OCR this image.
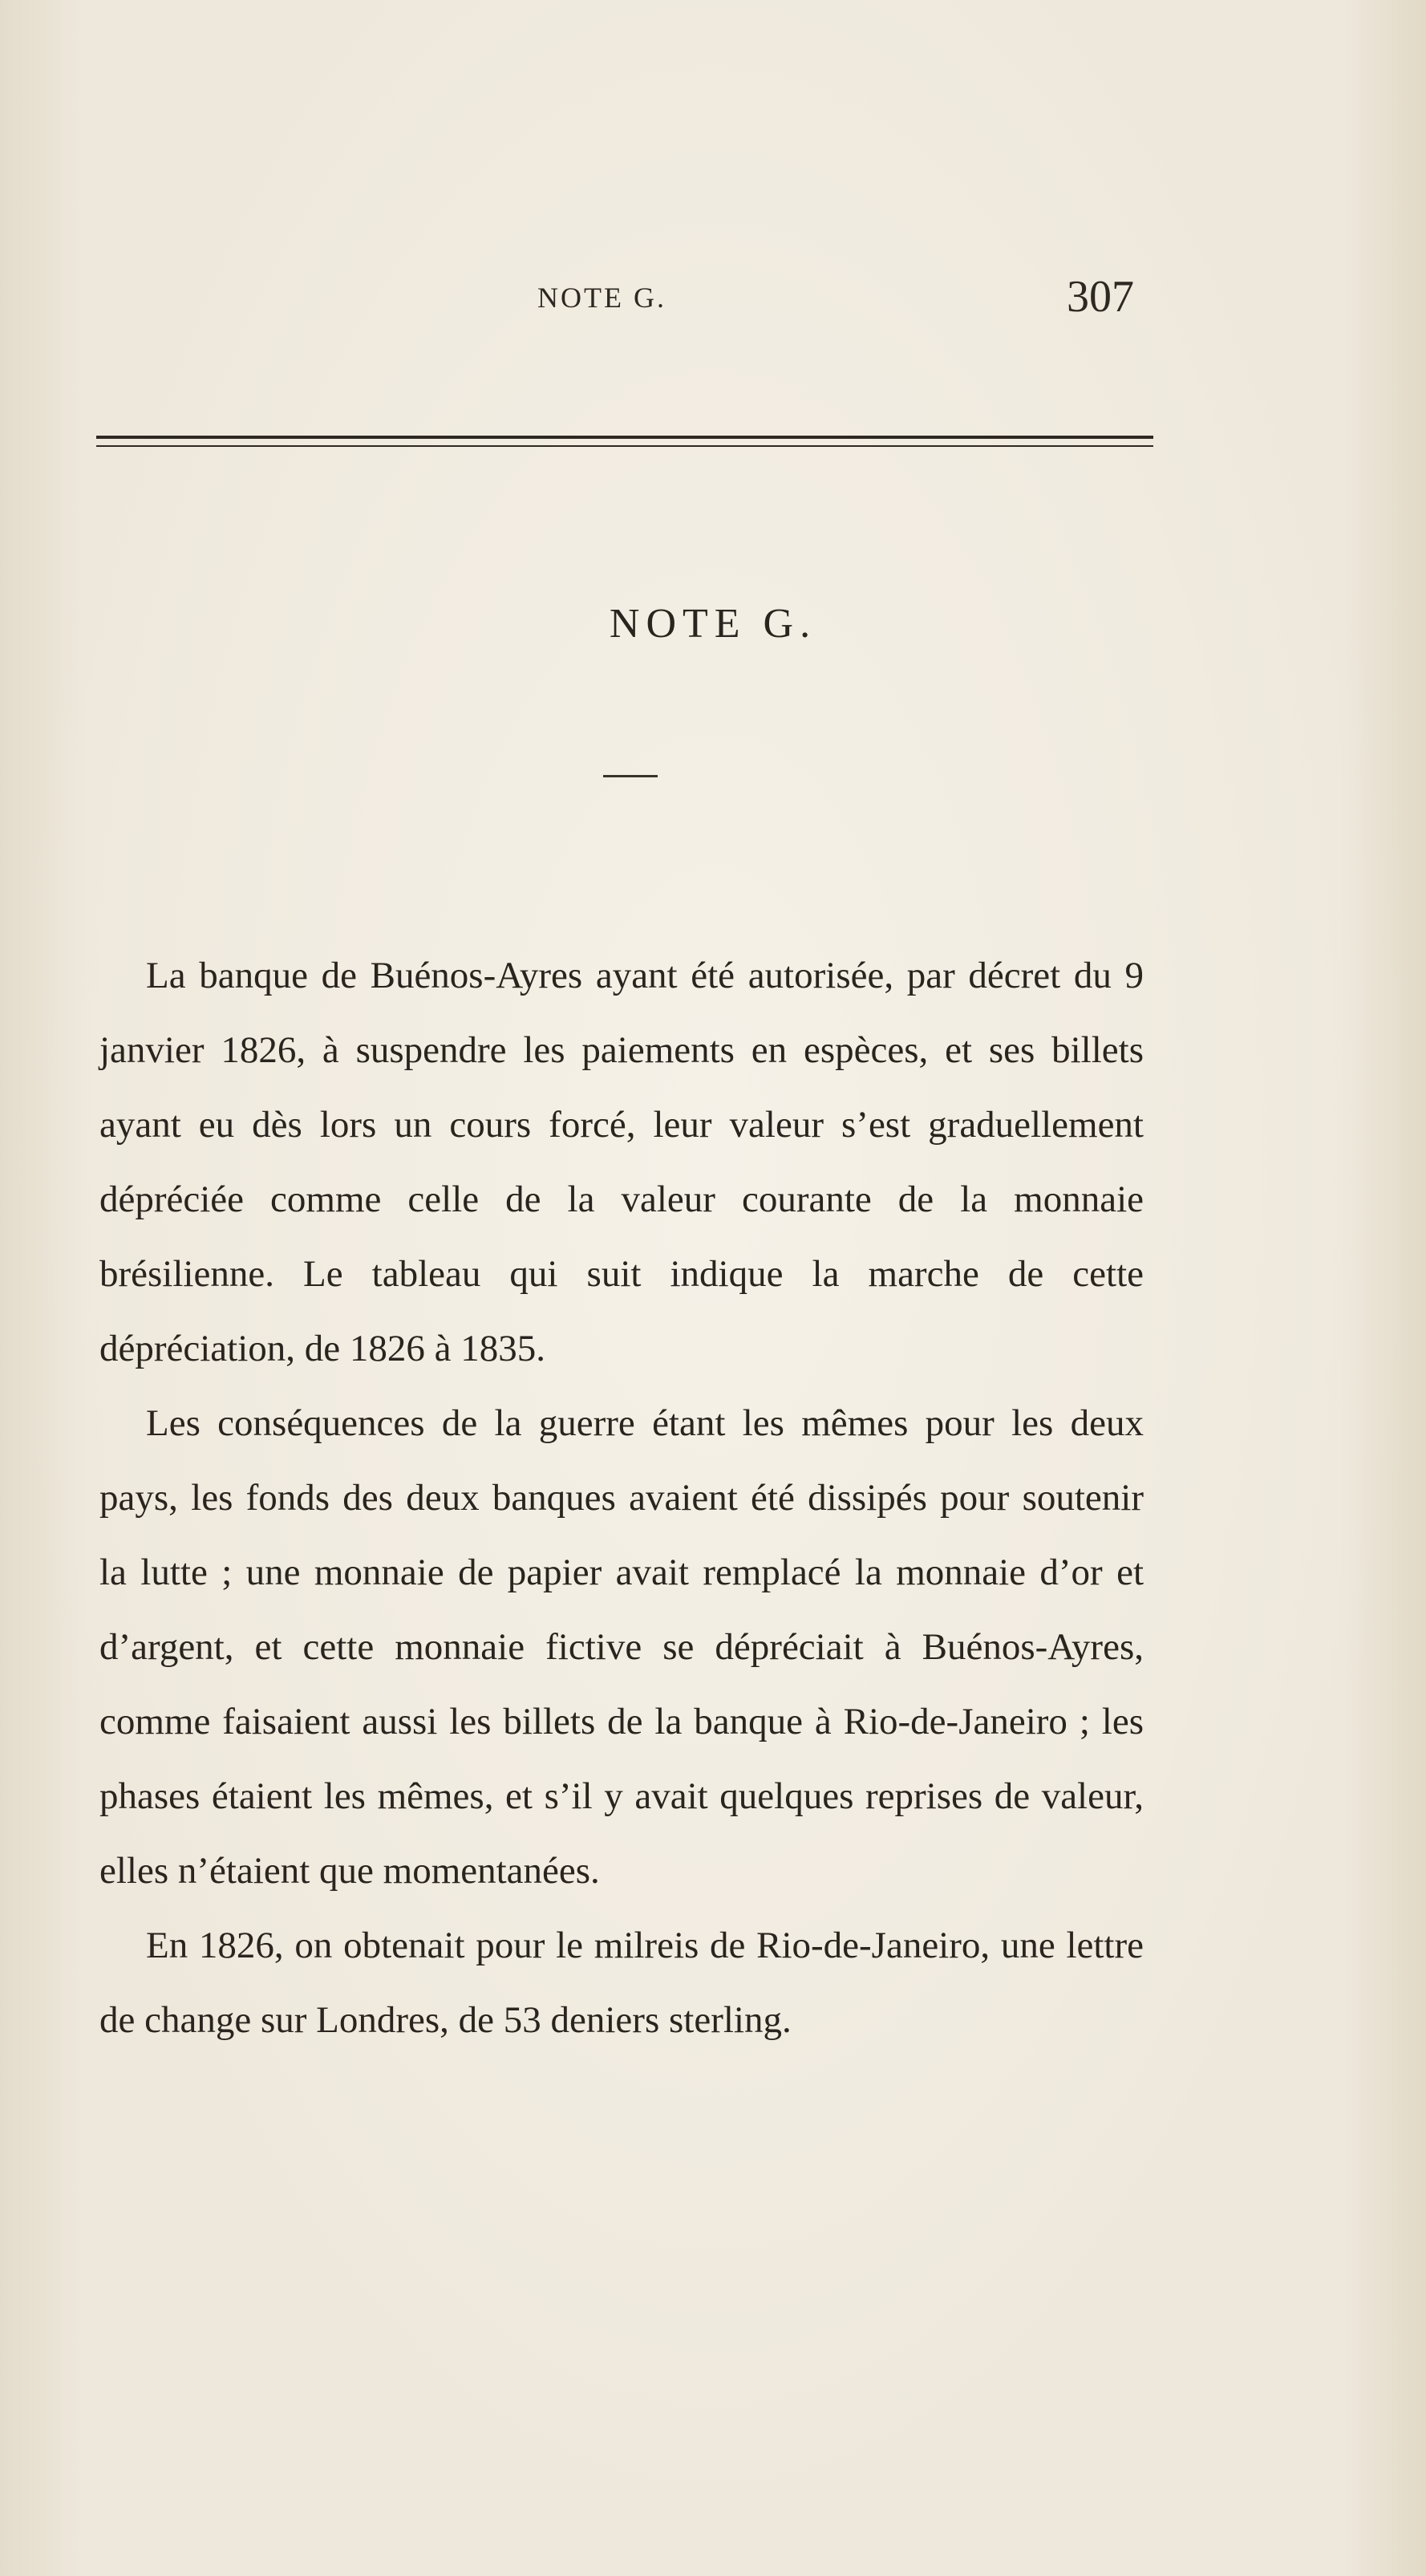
NOTE G.	307
NOTE G.

La banque de Buénos-Ayres ayant été autorisée, par décret du 9 janvier 1826, à suspendre les paiements en espèces, et ses billets ayant eu dès lors un cours forcé, leur valeur s’est graduellement dépréciée comme celle de la valeur courante de la monnaie brésilienne. Le tableau qui suit indique la marche de cette dépréciation, de 1826 à 1835.

Les conséquences de la guerre étant les mêmes pour les deux pays, les fonds des deux banques avaient été dissipés pour soutenir la lutte ; une monnaie de papier avait remplacé la monnaie d’or et d’argent, et cette monnaie fictive se dépréciait à Buénos-Ayres, comme faisaient aussi les billets de la banque à Rio-de-Janeiro ; les phases étaient les mêmes, et s’il y avait quelques reprises de valeur, elles n’étaient que momentanées.

En 1826, on obtenait pour le milreis de Rio-de-Janeiro, une lettre de change sur Londres, de 53 deniers sterling.
